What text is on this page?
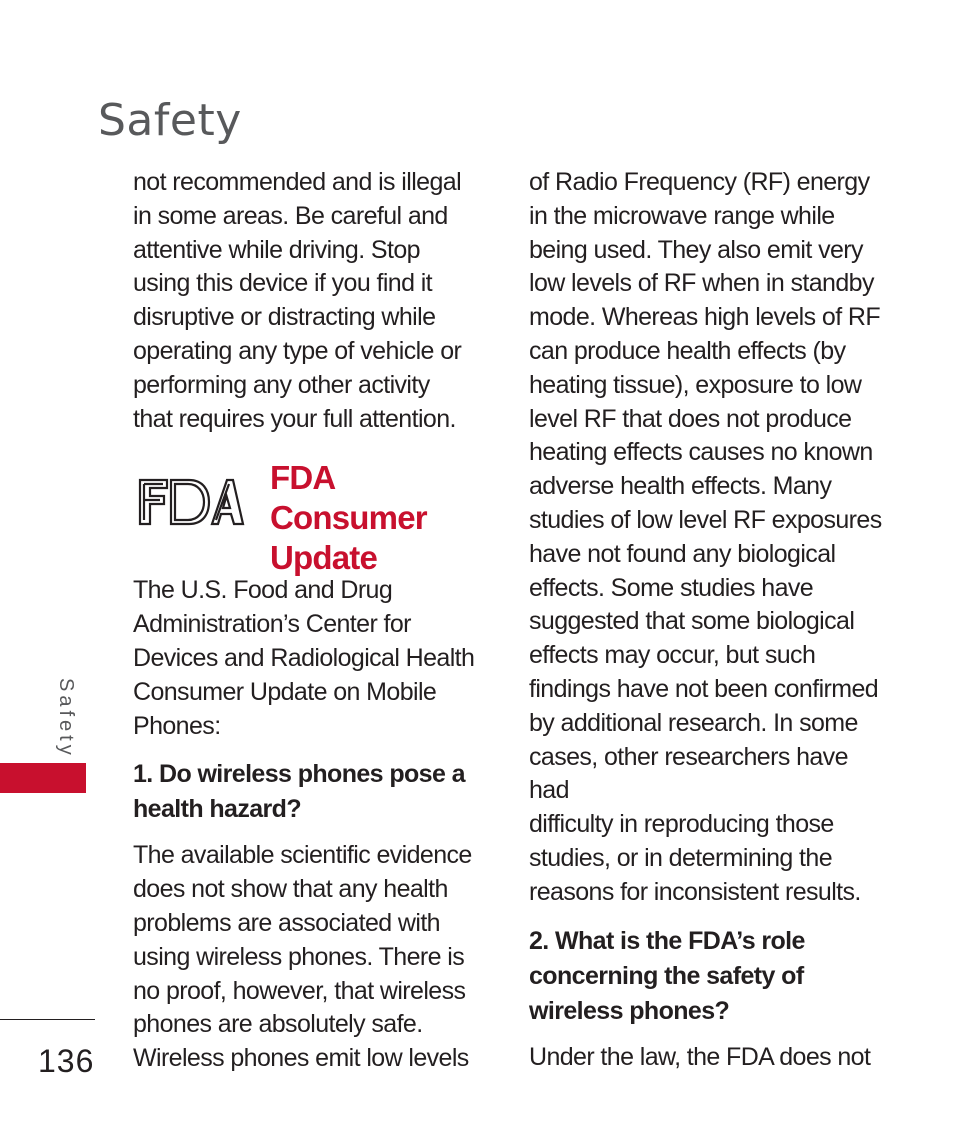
Safety

not recommended and is illegal
in some areas. Be careful and
attentive while driving. Stop
using this device if you find it
disruptive or distracting while
operating any type of vehicle or
performing any other activity
that requires your full attention.

FDA Consumer
Update

The U.S. Food and Drug
Administration’s Center for
Devices and Radiological Health
Consumer Update on Mobile
Phones:

1. Do wireless phones pose a
health hazard?

The available scientific evidence
does not show that any health
problems are associated with
using wireless phones. There is
no proof, however, that wireless
phones are absolutely safe.
Wireless phones emit low levels

of Radio Frequency (RF) energy
in the microwave range while
being used. They also emit very
low levels of RF when in standby
mode. Whereas high levels of RF
can produce health effects (by
heating tissue), exposure to low
level RF that does not produce
heating effects causes no known
adverse health effects. Many
studies of low level RF exposures
have not found any biological
effects. Some studies have
suggested that some biological
effects may occur, but such
findings have not been confirmed
by additional research. In some
cases, other researchers have had
difficulty in reproducing those
studies, or in determining the
reasons for inconsistent results.

2. What is the FDA’s role
concerning the safety of
wireless phones?

Under the law, the FDA does not

Safety
136
